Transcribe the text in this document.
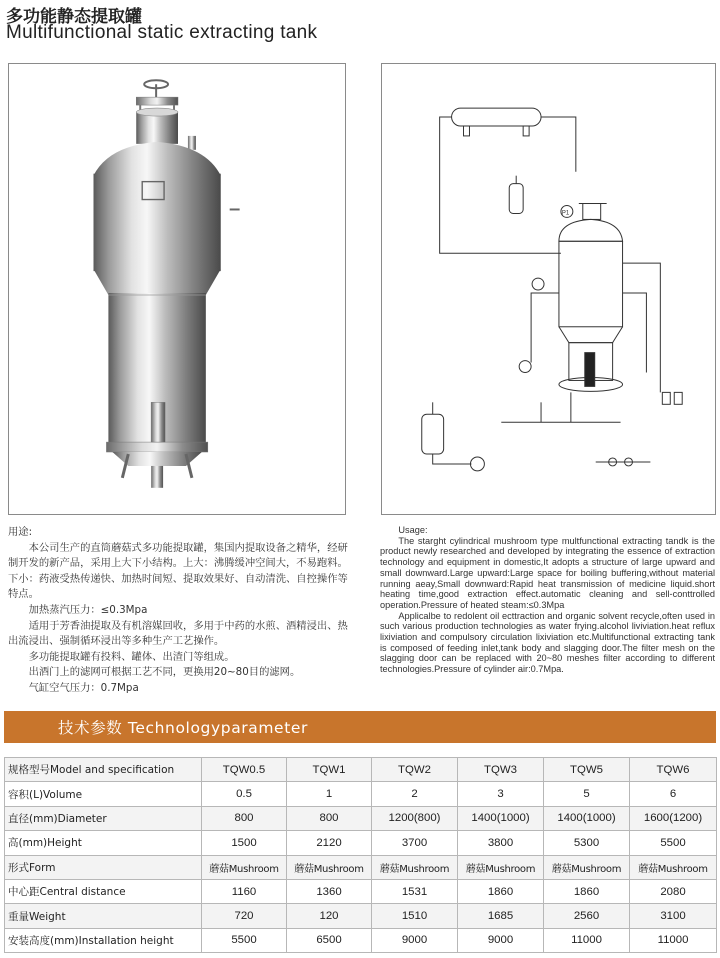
多功能静态提取罐
Multifunctional static extracting tank
P1

用途:

本公司生产的直筒蘑菇式多功能提取罐，集国内提取设备之精华，经研制开发的新产品，采用上大下小结构。上大：沸腾缓冲空间大，不易跑料。下小：药液受热传递快、加热时间短、提取效果好、自动清洗、自控操作等特点。

加热蒸汽压力：≤0.3Mpa

适用于芳香油提取及有机溶媒回收，多用于中药的水煎、酒精浸出、热出流浸出、强制循环浸出等多种生产工艺操作。

多功能提取罐有投料、罐体、出渣门等组成。

出酒门上的滤网可根据工艺不同，更换用20~80目的滤网。

气缸空气压力：0.7Mpa

Usage:

The starght cylindrical mushroom type multfunctional extracting tandk is the product newly researched and developed by integrating the essence of extraction technology and equipment in domestic,It adopts a structure of large upward and small downward.Large upward:Large space for boiling buffering,without material running aeay,Small downward:Rapid heat transmission of medicine liquid.short heating time,good extraction effect.automatic cleaning and sell-conttrolled operation.Pressure of heated steam:≤0.3Mpa

Applicalbe to redolent oil ecttraction and organic solvent recycle,often used in such various production technologies as water frying.alcohol liviviation.heat reflux lixiviation and compulsory circulation lixiviation etc.Multifunctional extracting tank is composed of feeding inlet,tank body and slagging door.The filter mesh on the slagging door can be replaced with 20~80 meshes filter according to different technologies.Pressure of cylinder air:0.7Mpa.

技术参数 Technologyparameter
规格型号Model and specification	TQW0.5	TQW1	TQW2	TQW3	TQW5	TQW6
容积(L)Volume	0.5	1	2	3	5	6
直径(mm)Diameter	800	800	1200(800)	1400(1000)	1400(1000)	1600(1200)
高(mm)Height	1500	2120	3700	3800	5300	5500
形式Form	蘑菇Mushroom	蘑菇Mushroom	蘑菇Mushroom	蘑菇Mushroom	蘑菇Mushroom	蘑菇Mushroom
中心距Central distance	1160	1360	1531	1860	1860	2080
重量Weight	720	120	1510	1685	2560	3100
安装高度(mm)Installation height	5500	6500	9000	9000	11000	11000
